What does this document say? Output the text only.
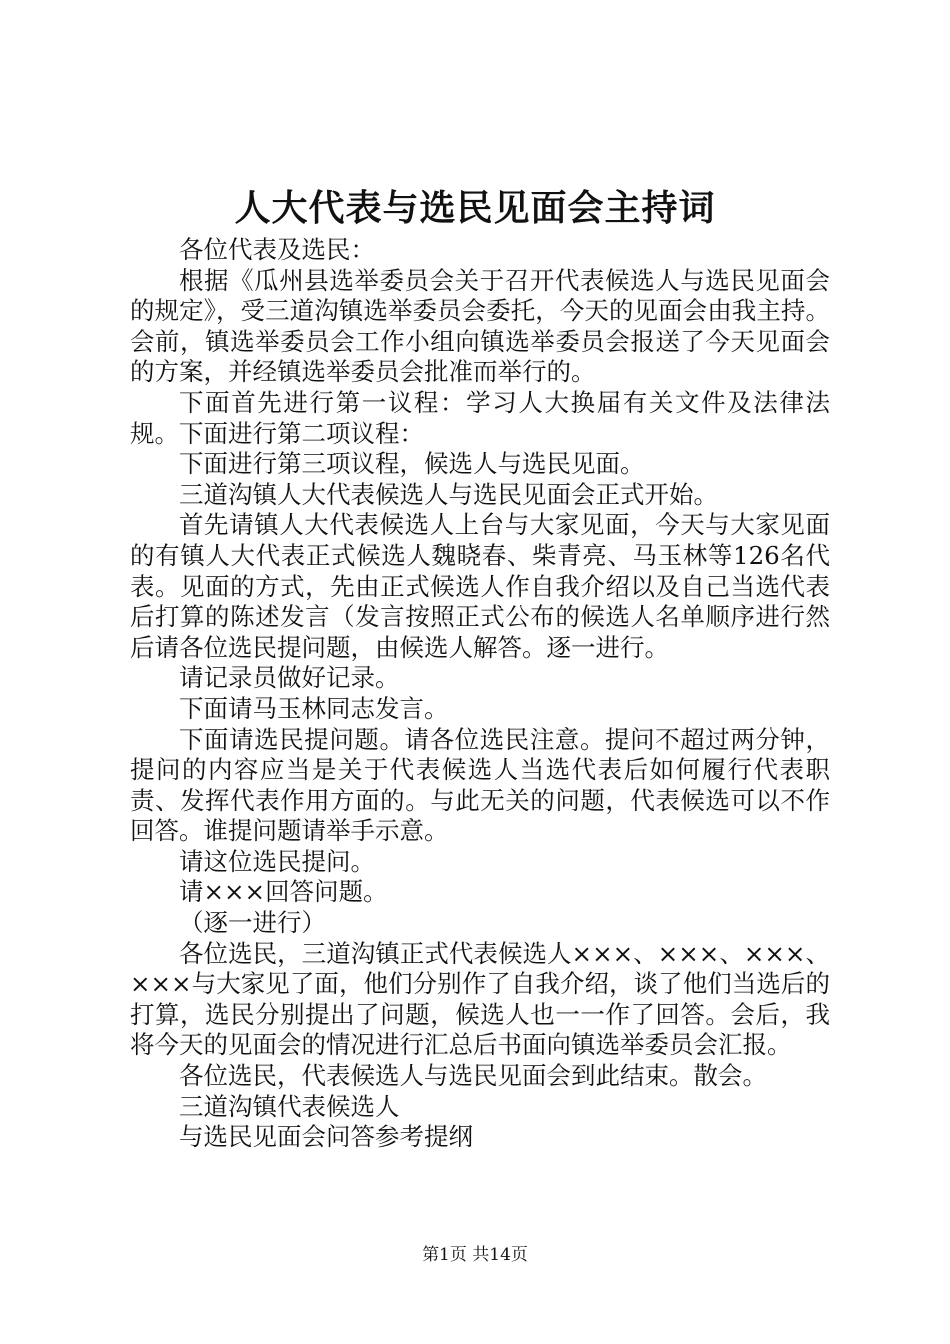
人大代表与选民见面会主持词

各位代表及选民：

根据《瓜州县选举委员会关于召开代表候选人与选民见面会的规定》，受三道沟镇选举委员会委托，今天的见面会由我主持。会前，镇选举委员会工作小组向镇选举委员会报送了今天见面会的方案，并经镇选举委员会批准而举行的。

下面首先进行第一议程：学习人大换届有关文件及法律法规。下面进行第二项议程：

下面进行第三项议程，候选人与选民见面。

三道沟镇人大代表候选人与选民见面会正式开始。

首先请镇人大代表候选人上台与大家见面，今天与大家见面的有镇人大代表正式候选人魏晓春、柴青亮、马玉林等126名代表。见面的方式，先由正式候选人作自我介绍以及自己当选代表后打算的陈述发言（发言按照正式公布的候选人名单顺序进行然后请各位选民提问题，由候选人解答。逐一进行。

请记录员做好记录。

下面请马玉林同志发言。

下面请选民提问题。请各位选民注意。提问不超过两分钟，提问的内容应当是关于代表候选人当选代表后如何履行代表职责、发挥代表作用方面的。与此无关的问题，代表候选可以不作回答。谁提问题请举手示意。

请这位选民提问。

请×××回答问题。

（逐一进行）

各位选民，三道沟镇正式代表候选人×××、×××、×××、×××与大家见了面，他们分别作了自我介绍，谈了他们当选后的打算，选民分别提出了问题，候选人也一一作了回答。会后，我将今天的见面会的情况进行汇总后书面向镇选举委员会汇报。

各位选民，代表候选人与选民见面会到此结束。散会。

三道沟镇代表候选人

与选民见面会问答参考提纲

第1页 共14页
